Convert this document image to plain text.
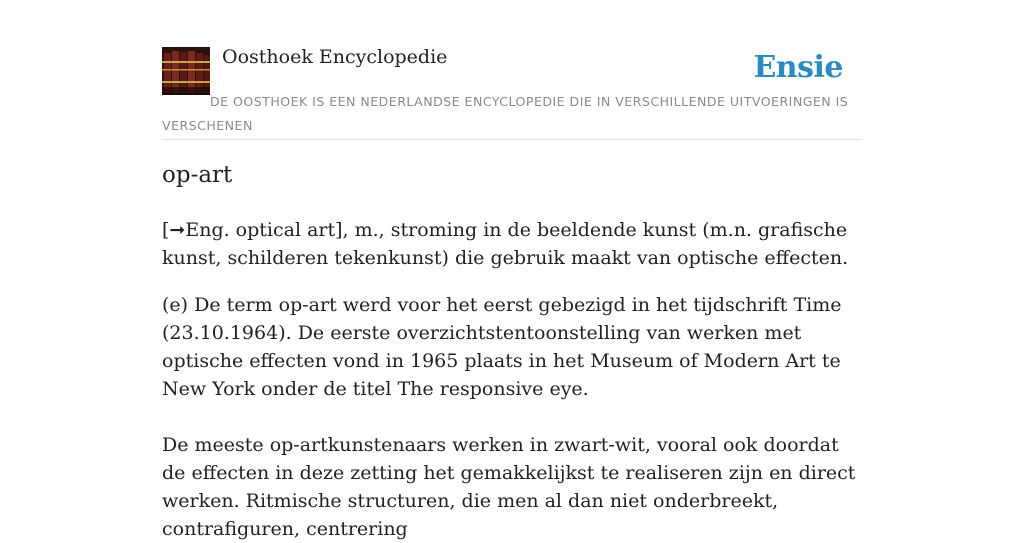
Oosthoek Encyclopedie	Ensie
DE OOSTHOEK IS EEN NEDERLANDSE ENCYCLOPEDIE DIE IN VERSCHILLENDE UITVOERINGEN IS VERSCHENEN
op-art

[➞Eng. optical art], m., stroming in de beeldende kunst (m.n. grafische kunst, schilderen tekenkunst) die gebruik maakt van optische effecten.

(e) De term op-art werd voor het eerst gebezigd in het tijdschrift Time (23.10.1964). De eerste overzichtstentoonstelling van werken met optische effecten vond in 1965 plaats in het Museum of Modern Art te New York onder de titel The responsive eye.

De meeste op-artkunstenaars werken in zwart-wit, vooral ook doordat de effecten in deze zetting het gemakkelijkst te realiseren zijn en direct werken. Ritmische structuren, die men al dan niet onderbreekt, contrafiguren, centrering
